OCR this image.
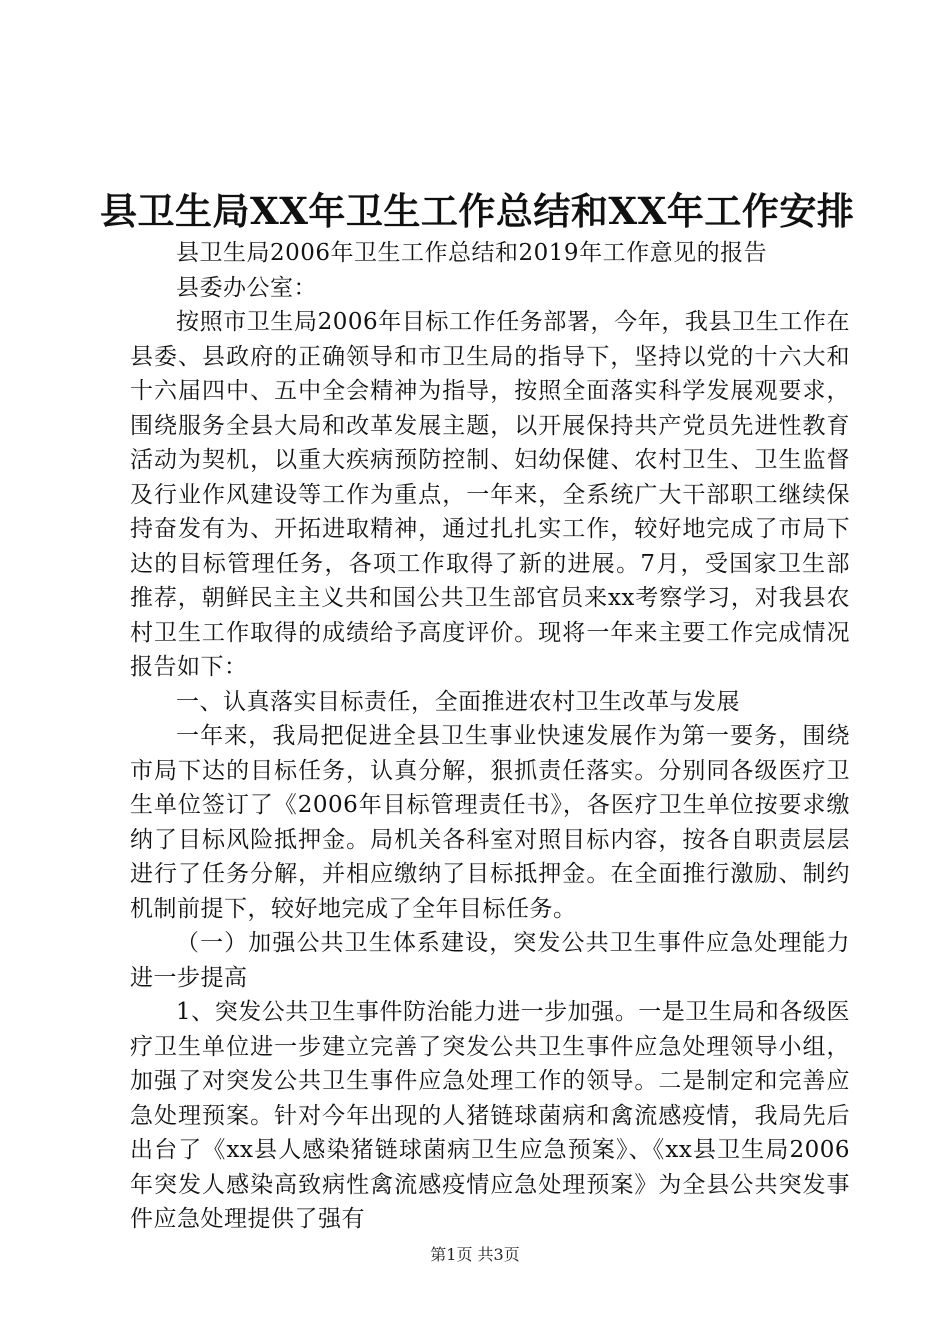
县卫生局XX年卫生工作总结和XX年工作安排

县卫生局2006年卫生工作总结和2019年工作意见的报告

县委办公室：

按照市卫生局2006年目标工作任务部署，今年，我县卫生工作在县委、县政府的正确领导和市卫生局的指导下，坚持以党的十六大和十六届四中、五中全会精神为指导，按照全面落实科学发展观要求，围绕服务全县大局和改革发展主题，以开展保持共产党员先进性教育活动为契机，以重大疾病预防控制、妇幼保健、农村卫生、卫生监督及行业作风建设等工作为重点，一年来，全系统广大干部职工继续保持奋发有为、开拓进取精神，通过扎扎实工作，较好地完成了市局下达的目标管理任务，各项工作取得了新的进展。7月，受国家卫生部推荐，朝鲜民主主义共和国公共卫生部官员来xx考察学习，对我县农村卫生工作取得的成绩给予高度评价。现将一年来主要工作完成情况报告如下：

一、认真落实目标责任，全面推进农村卫生改革与发展

一年来，我局把促进全县卫生事业快速发展作为第一要务，围绕市局下达的目标任务，认真分解，狠抓责任落实。分别同各级医疗卫生单位签订了《2006年目标管理责任书》，各医疗卫生单位按要求缴纳了目标风险抵押金。局机关各科室对照目标内容，按各自职责层层进行了任务分解，并相应缴纳了目标抵押金。在全面推行激励、制约机制前提下，较好地完成了全年目标任务。

（一）加强公共卫生体系建设，突发公共卫生事件应急处理能力进一步提高

1、突发公共卫生事件防治能力进一步加强。一是卫生局和各级医疗卫生单位进一步建立完善了突发公共卫生事件应急处理领导小组，加强了对突发公共卫生事件应急处理工作的领导。二是制定和完善应急处理预案。针对今年出现的人猪链球菌病和禽流感疫情，我局先后出台了《xx县人感染猪链球菌病卫生应急预案》、《xx县卫生局2006年突发人感染高致病性禽流感疫情应急处理预案》为全县公共突发事件应急处理提供了强有

第1页 共3页
